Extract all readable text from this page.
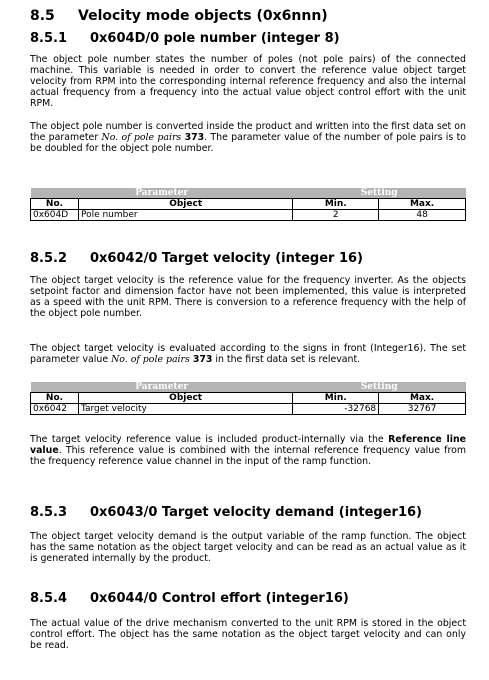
8.5 Velocity mode objects (0x6nnn)
8.5.1 0x604D/0 pole number (integer 8)

The object pole number states the number of poles (not pole pairs) of the connected machine. This variable is needed in order to convert the reference value object target velocity from RPM into the corresponding internal reference frequency and also the internal actual frequency from a frequency into the actual value object control effort with the unit RPM.

The object pole number is converted inside the product and written into the first data set on the parameter No. of pole pairs 373. The parameter value of the number of pole pairs is to be doubled for the object pole number.

Parameter		Setting	
No.	Object	Min.	Max.
0x604D	Pole number	2	48
8.5.2 0x6042/0 Target velocity (integer 16)

The object target velocity is the reference value for the frequency inverter. As the objects setpoint factor and dimension factor have not been implemented, this value is interpreted as a speed with the unit RPM. There is conversion to a reference frequency with the help of the object pole number.

The object target velocity is evaluated according to the signs in front (Integer16). The set parameter value No. of pole pairs 373 in the first data set is relevant.

Parameter		Setting	
No.	Object	Min.	Max.
0x6042	Target velocity	-32768	32767

The target velocity reference value is included product-internally via the Reference line value. This reference value is combined with the internal reference frequency value from the frequency reference value channel in the input of the ramp function.

8.5.3 0x6043/0 Target velocity demand (integer16)

The object target velocity demand is the output variable of the ramp function. The object has the same notation as the object target velocity and can be read as an actual value as it is generated internally by the product.

8.5.4 0x6044/0 Control effort (integer16)

The actual value of the drive mechanism converted to the unit RPM is stored in the object control effort. The object has the same notation as the object target velocity and can only be read.
